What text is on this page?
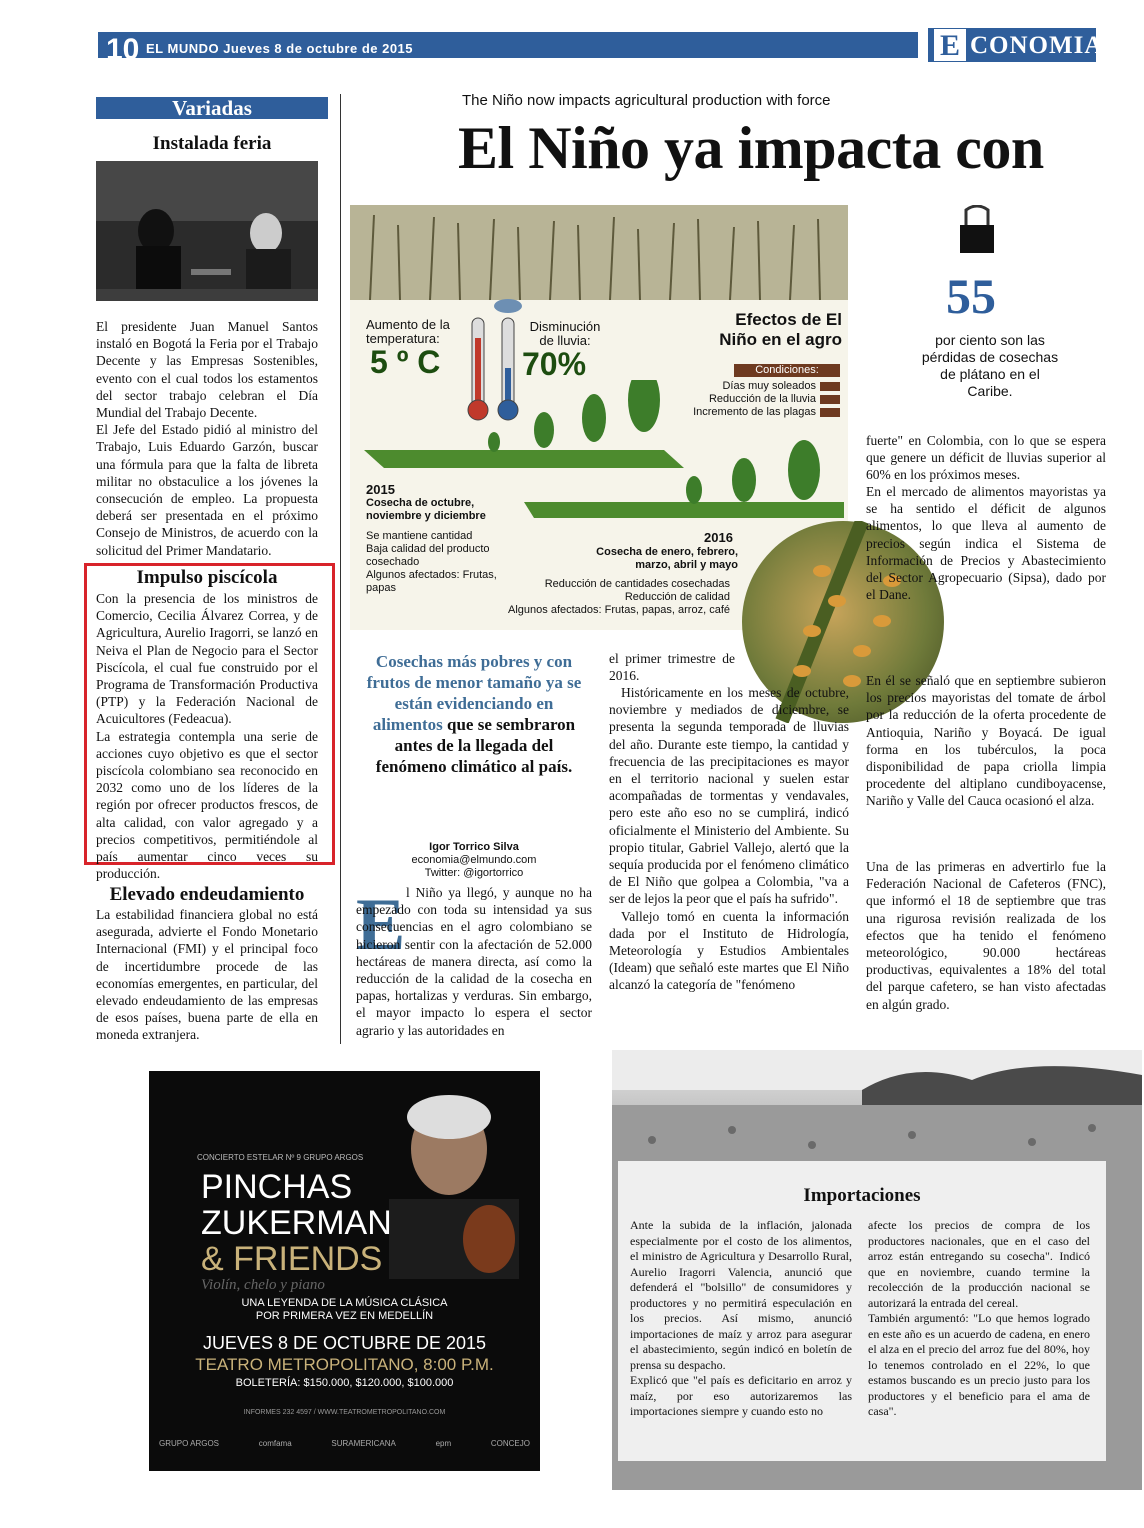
10 EL MUNDO Jueves 8 de octubre de 2015	E CONOMIA
Variadas
Instalada feria

El presidente Juan Manuel Santos instaló en Bogotá la Feria por el Trabajo Decente y las Empresas Sostenibles, evento con el cual todos los estamentos del sector trabajo celebran el Día Mundial del Trabajo Decente.

El Jefe del Estado pidió al ministro del Trabajo, Luis Eduardo Garzón, buscar una fórmula para que la falta de libreta militar no obstaculice a los jóvenes la consecución de empleo. La propuesta deberá ser presentada en el próximo Consejo de Ministros, de acuerdo con la solicitud del Primer Mandatario.

Impulso piscícola

Con la presencia de los ministros de Comercio, Cecilia Álvarez Correa, y de Agricultura, Aurelio Iragorri, se lanzó en Neiva el Plan de Negocio para el Sector Piscícola, el cual fue construido por el Programa de Transformación Productiva (PTP) y la Federación Nacional de Acuicultores (Fedeacua).

La estrategia contempla una serie de acciones cuyo objetivo es que el sector piscícola colombiano sea reconocido en 2032 como uno de los líderes de la región por ofrecer productos frescos, de alta calidad, con valor agregado y a precios competitivos, permitiéndole al país aumentar cinco veces su producción.

Elevado endeudamiento
La estabilidad financiera global no está asegurada, advierte el Fondo Monetario Internacional (FMI) y el principal foco de incertidumbre procede de las economías emergentes, en particular, del elevado endeudamiento de las empresas de esos países, buena parte de ella en moneda extranjera.
The Niño now impacts agricultural production with force
El Niño ya impacta con
Aumento de la temperatura:
5 º C
Disminución de lluvia:
70%
Efectos de El Niño en el agro
Condiciones:
Días muy soleados
Reducción de la lluvia
Incremento de las plagas
2015
Cosecha de octubre, noviembre y diciembre
Se mantiene cantidad
Baja calidad del producto cosechado
Algunos afectados: Frutas, papas
2016
Cosecha de enero, febrero, marzo, abril y mayo
Reducción de cantidades cosechadas
Reducción de calidad
Algunos afectados: Frutas, papas, arroz, café
55
por ciento son las pérdidas de cosechas de plátano en el Caribe.
Cosechas más pobres y con frutos de menor tamaño ya se están evidenciando en alimentos que se sembraron antes de la llegada del fenómeno climático al país.
Igor Torrico Silva
economia@elmundo.com
Twitter: @igortorrico
E l Niño ya llegó, y aunque no ha empezado con toda su intensidad ya sus consecuencias en el agro colombiano se hicieron sentir con la afectación de 52.000 hectáreas de manera directa, así como la reducción de la calidad de la cosecha en papas, hortalizas y verduras. Sin embargo, el mayor impacto lo espera el sector agrario y las autoridades en
el primer trimestre de 2016.

Históricamente en los meses de octubre, noviembre y mediados de diciembre, se presenta la segunda temporada de lluvias del año. Durante este tiempo, la cantidad y frecuencia de las precipitaciones es mayor en el territorio nacional y suelen estar acompañadas de tormentas y vendavales, pero este año eso no se cumplirá, indicó oficialmente el Ministerio del Ambiente. Su propio titular, Gabriel Vallejo, alertó que la sequía producida por el fenómeno climático de El Niño que golpea a Colombia, "va a ser de lejos la peor que el país ha sufrido".

Vallejo tomó en cuenta la información dada por el Instituto de Hidrología, Meteorología y Estudios Ambientales (Ideam) que señaló este martes que El Niño alcanzó la categoría de "fenómeno

fuerte" en Colombia, con lo que se espera que genere un déficit de lluvias superior al 60% en los próximos meses.

En el mercado de alimentos mayoristas ya se ha sentido el déficit de algunos alimentos, lo que lleva al aumento de precios según indica el Sistema de Información de Precios y Abastecimiento del Sector Agropecuario (Sipsa), dado por el Dane.

En él se señaló que en septiembre subieron los precios mayoristas del tomate de árbol por la reducción de la oferta procedente de Antioquia, Nariño y Boyacá. De igual forma en los tubérculos, la poca disponibilidad de papa criolla limpia procedente del altiplano cundiboyacense, Nariño y Valle del Cauca ocasionó el alza.
Una de las primeras en advertirlo fue la Federación Nacional de Cafeteros (FNC), que informó el 18 de septiembre que tras una rigurosa revisión realizada de los efectos que ha tenido el fenómeno meteorológico, 90.000 hectáreas productivas, equivalentes a 18% del total del parque cafetero, se han visto afectadas en algún grado.
Importaciones

Ante la subida de la inflación, jalonada especialmente por el costo de los alimentos, el ministro de Agricultura y Desarrollo Rural, Aurelio Iragorri Valencia, anunció que defenderá el "bolsillo" de consumidores y productores y no permitirá especulación en los precios. Así mismo, anunció importaciones de maíz y arroz para asegurar el abastecimiento, según indicó en boletín de prensa su despacho.

Explicó que "el país es deficitario en arroz y maíz, por eso autorizaremos las importaciones siempre y cuando esto no

afecte los precios de compra de los productores nacionales, que en el caso del arroz están entregando su cosecha". Indicó que en noviembre, cuando termine la recolección de la producción nacional se autorizará la entrada del cereal.

También argumentó: "Lo que hemos logrado en este año es un acuerdo de cadena, en enero el alza en el precio del arroz fue del 80%, hoy lo tenemos controlado en el 22%, lo que estamos buscando es un precio justo para los productores y el beneficio para el ama de casa".

CONCIERTO ESTELAR Nº 9 GRUPO ARGOS
PINCHAS
ZUKERMAN
& FRIENDS
Violín, chelo y piano
UNA LEYENDA DE LA MÚSICA CLÁSICA
POR PRIMERA VEZ EN MEDELLÍN
JUEVES 8 DE OCTUBRE DE 2015
TEATRO METROPOLITANO, 8:00 P.M.
BOLETERÍA: $150.000, $120.000, $100.000
INFORMES 232 4597 / WWW.TEATROMETROPOLITANO.COM
GRUPO ARGOS	comfama	SURAMERICANA	epm	CONCEJO
